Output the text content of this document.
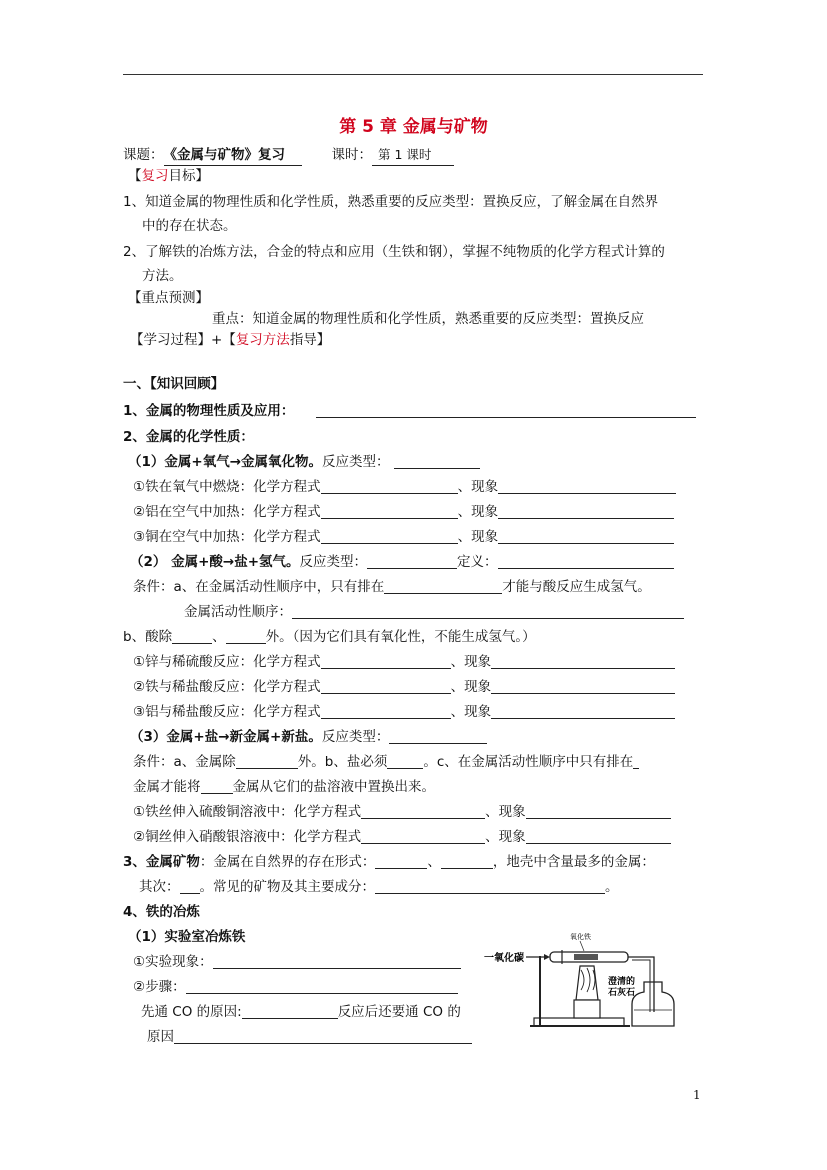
第 5 章 金属与矿物
课题：《金属与矿物》复习	课时： 第 1 课时
【复习目标】
1、知道金属的物理性质和化学性质，熟悉重要的反应类型：置换反应，了解金属在自然界
中的存在状态。
2、了解铁的冶炼方法，合金的特点和应用（生铁和钢），掌握不纯物质的化学方程式计算的
方法。
【重点预测】
重点：知道金属的物理性质和化学性质，熟悉重要的反应类型：置换反应
【学习过程】+【复习方法指导】
一、【知识回顾】
1、金属的物理性质及应用：
2、金属的化学性质：
（1）金属+氧气→金属氧化物。反应类型：
①铁在氧气中燃烧：化学方程式	、现象
②铝在空气中加热：化学方程式	、现象
③铜在空气中加热：化学方程式	、现象
（2） 金属+酸→盐+氢气。反应类型：	定义：
条件：a、在金属活动性顺序中，只有排在	才能与酸反应生成氢气。
金属活动性顺序：
b、酸除	、	外。（因为它们具有氧化性，不能生成氢气。）
①锌与稀硫酸反应：化学方程式	、现象
②铁与稀盐酸反应：化学方程式	、现象
③铝与稀盐酸反应：化学方程式	、现象
（3）金属+盐→新金属+新盐。反应类型：
条件：a、金属除	外。b、盐必须	。c、在金属活动性顺序中只有排在
金属才能将 金属从它们的盐溶液中置换出来。
①铁丝伸入硫酸铜溶液中：化学方程式	、现象
②铜丝伸入硝酸银溶液中：化学方程式	、现象
3、金属矿物：金属在自然界的存在形式：	、	，地壳中含量最多的金属：
其次： 。常见的矿物及其主要成分：	。
4、铁的冶炼
（1）实验室冶炼铁
①实验现象：
②步骤：
先通 CO 的原因:	反应后还要通 CO 的
原因
一氧化碳
氧化铁
澄清的
石灰石
1
